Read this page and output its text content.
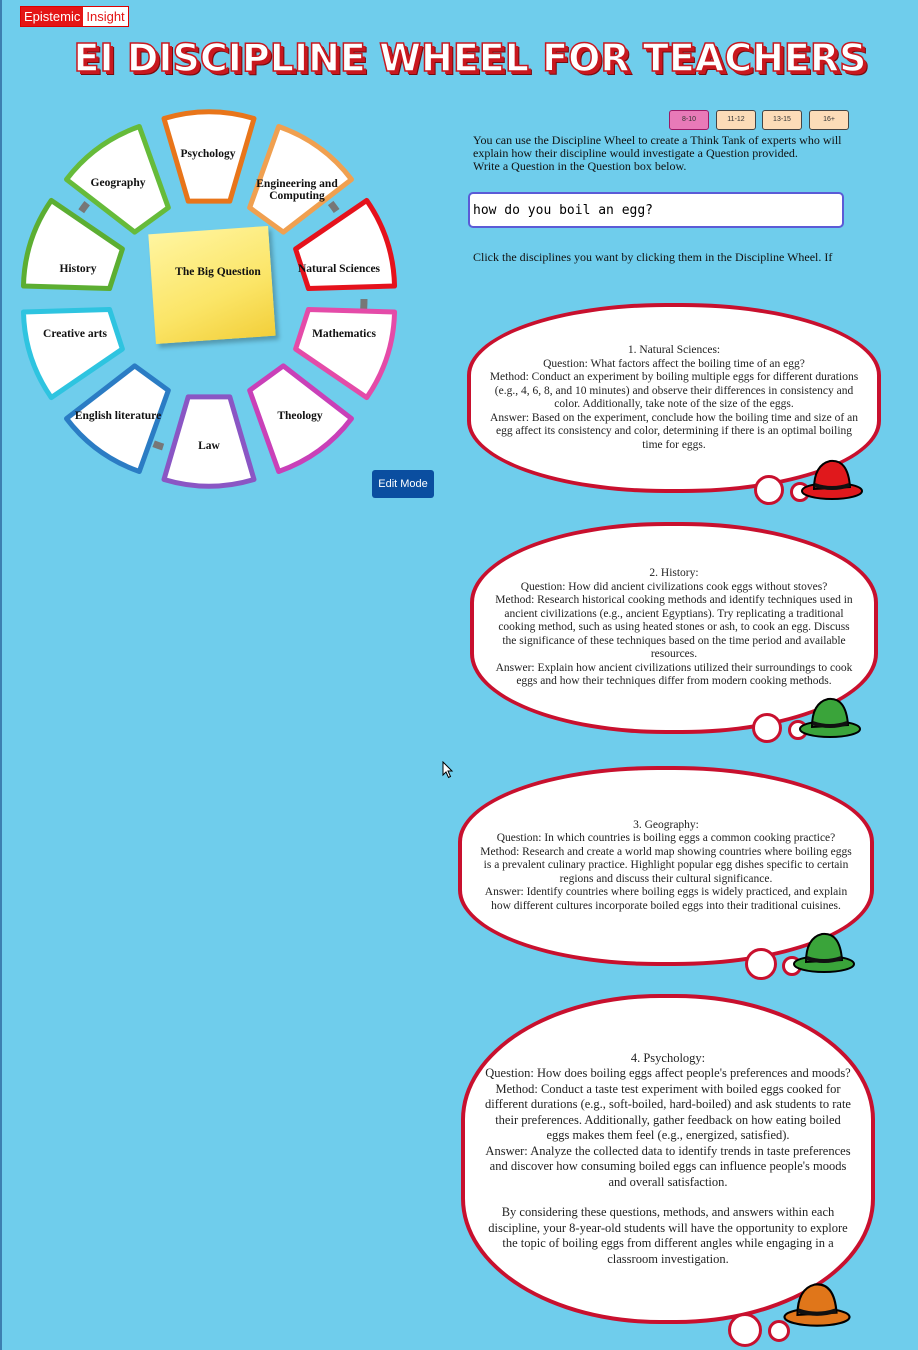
Epistemic Insight
EI DISCIPLINE WHEEL FOR TEACHERS
The Big Question
Psychology
Engineering and Computing
Natural Sciences
Mathematics
Theology
Law
English literature
Creative arts
History
Geography
Edit Mode
8-10	11-12	13-15	16+
You can use the Discipline Wheel to create a Think Tank of experts who will explain how their discipline would investigate a Question provided.
Write a Question in the Question box below.
how do you boil an egg?
Click the disciplines you want by clicking them in the Discipline Wheel. If
1. Natural Sciences:
Question: What factors affect the boiling time of an egg?
Method: Conduct an experiment by boiling multiple eggs for different durations (e.g., 4, 6, 8, and 10 minutes) and observe their differences in consistency and color. Additionally, take note of the size of the eggs.
Answer: Based on the experiment, conclude how the boiling time and size of an egg affect its consistency and color, determining if there is an optimal boiling time for eggs.
2. History:
Question: How did ancient civilizations cook eggs without stoves?
Method: Research historical cooking methods and identify techniques used in ancient civilizations (e.g., ancient Egyptians). Try replicating a traditional cooking method, such as using heated stones or ash, to cook an egg. Discuss the significance of these techniques based on the time period and available resources.
Answer: Explain how ancient civilizations utilized their surroundings to cook eggs and how their techniques differ from modern cooking methods.
3. Geography:
Question: In which countries is boiling eggs a common cooking practice?
Method: Research and create a world map showing countries where boiling eggs is a prevalent culinary practice. Highlight popular egg dishes specific to certain regions and discuss their cultural significance.
Answer: Identify countries where boiling eggs is widely practiced, and explain how different cultures incorporate boiled eggs into their traditional cuisines.
4. Psychology:
Question: How does boiling eggs affect people's preferences and moods?
Method: Conduct a taste test experiment with boiled eggs cooked for different durations (e.g., soft-boiled, hard-boiled) and ask students to rate their preferences. Additionally, gather feedback on how eating boiled eggs makes them feel (e.g., energized, satisfied).
Answer: Analyze the collected data to identify trends in taste preferences and discover how consuming boiled eggs can influence people's moods and overall satisfaction.
By considering these questions, methods, and answers within each discipline, your 8-year-old students will have the opportunity to explore the topic of boiling eggs from different angles while engaging in a classroom investigation.
